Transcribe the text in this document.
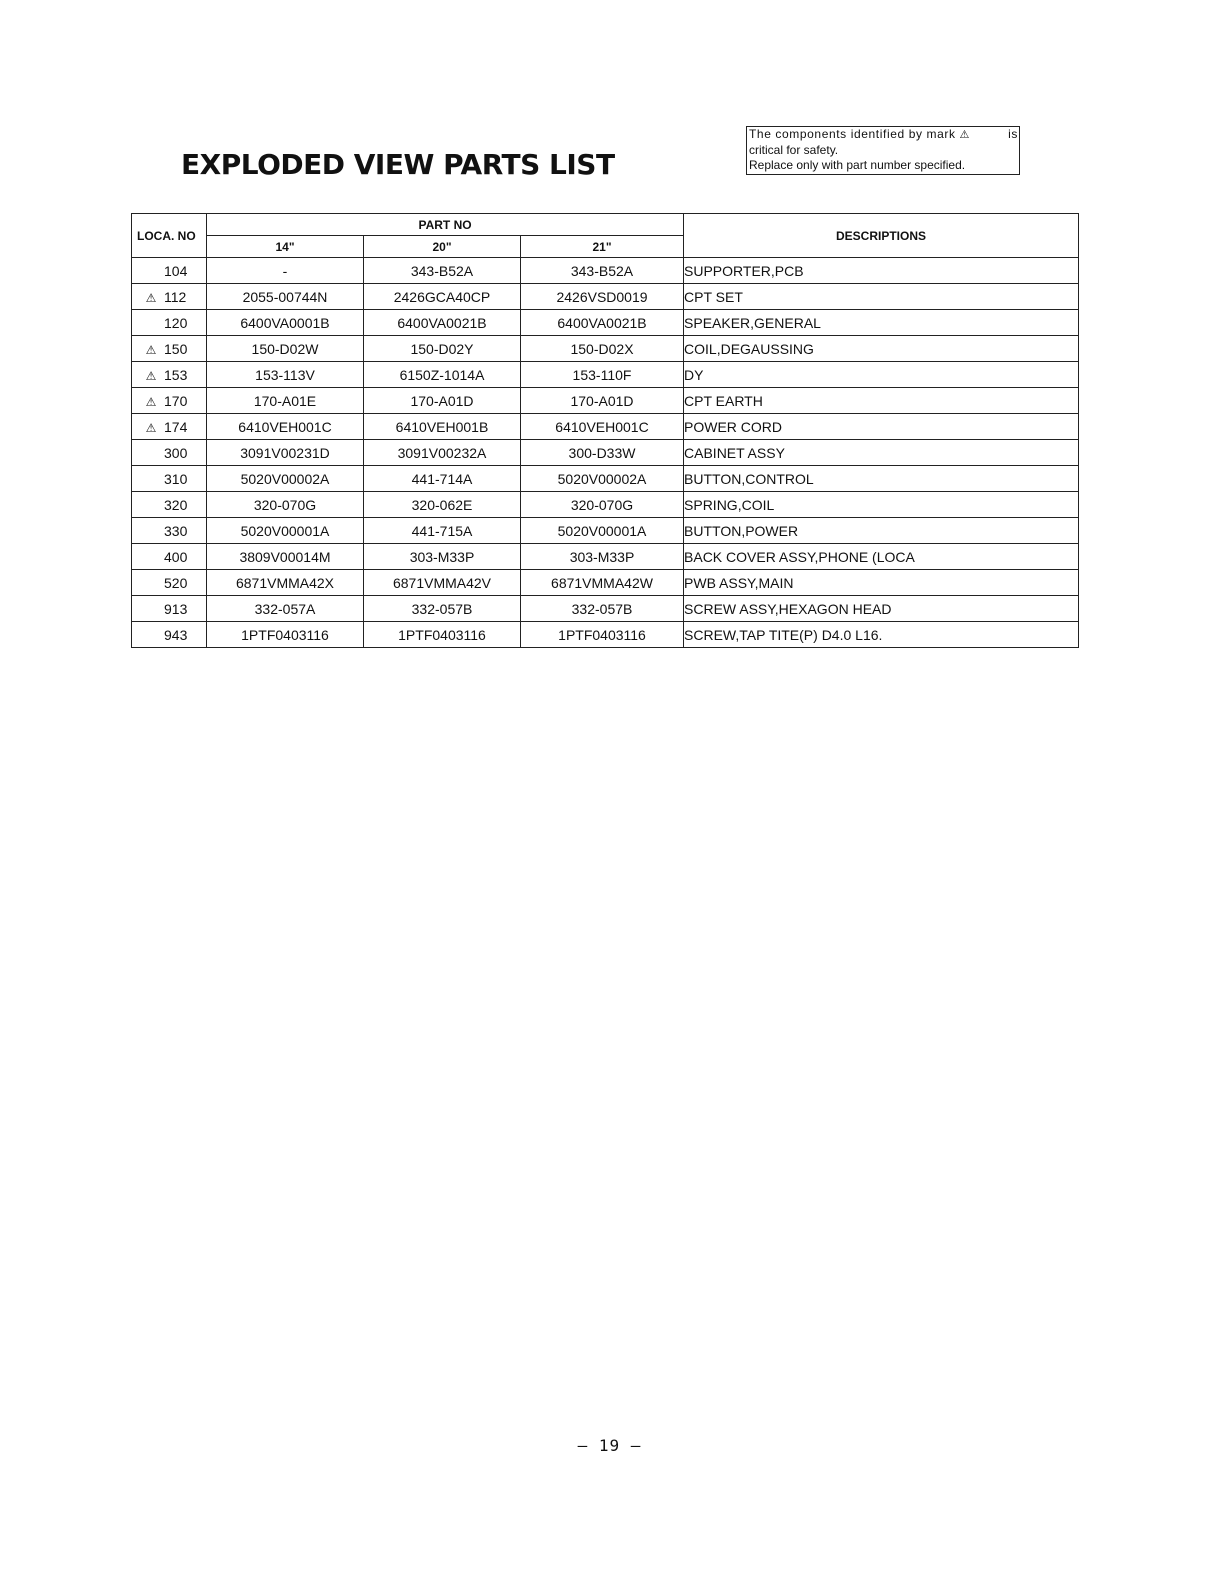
EXPLODED VIEW PARTS LIST
The components identified by mark ⚠	is
critical for safety.
Replace only with part number specified.
LOCA. NO	PART NO			DESCRIPTIONS
	14"	20"	21"	
104	-	343-B52A	343-B52A	SUPPORTER,PCB
⚠ 112	2055-00744N	2426GCA40CP	2426VSD0019	CPT SET
120	6400VA0001B	6400VA0021B	6400VA0021B	SPEAKER,GENERAL
⚠ 150	150-D02W	150-D02Y	150-D02X	COIL,DEGAUSSING
⚠ 153	153-113V	6150Z-1014A	153-110F	DY
⚠ 170	170-A01E	170-A01D	170-A01D	CPT EARTH
⚠ 174	6410VEH001C	6410VEH001B	6410VEH001C	POWER CORD
300	3091V00231D	3091V00232A	300-D33W	CABINET ASSY
310	5020V00002A	441-714A	5020V00002A	BUTTON,CONTROL
320	320-070G	320-062E	320-070G	SPRING,COIL
330	5020V00001A	441-715A	5020V00001A	BUTTON,POWER
400	3809V00014M	303-M33P	303-M33P	BACK COVER ASSY,PHONE (LOCA
520	6871VMMA42X	6871VMMA42V	6871VMMA42W	PWB ASSY,MAIN
913	332-057A	332-057B	332-057B	SCREW ASSY,HEXAGON HEAD
943	1PTF0403116	1PTF0403116	1PTF0403116	SCREW,TAP TITE(P) D4.0 L16.
– 19 –
